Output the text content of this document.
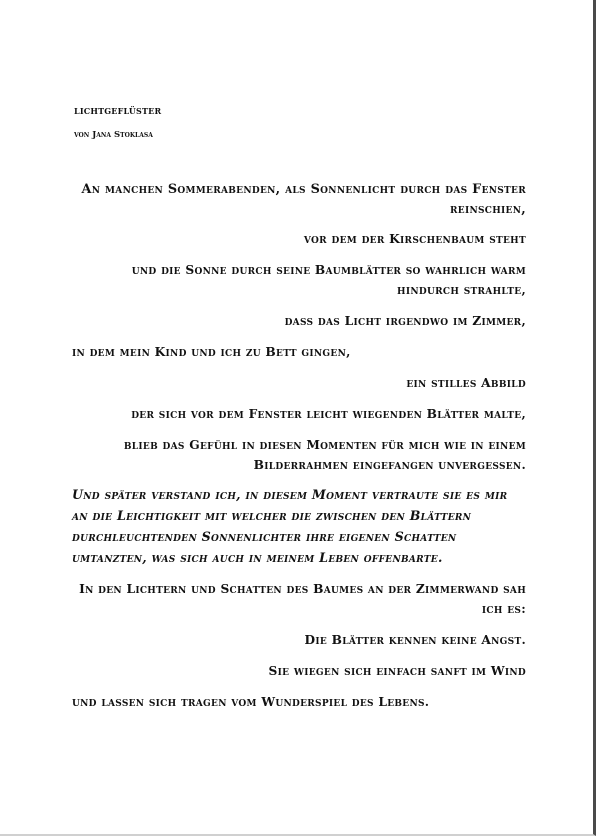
lichtgeflüster
von Jana Stoklasa

An manchen Sommerabenden, als Sonnenlicht durch das Fenster reinschien,

vor dem der Kirschenbaum steht

und die Sonne durch seine Baumblätter so wahrlich warm hindurch strahlte,

dass das Licht irgendwo im Zimmer,

in dem mein Kind und ich zu Bett gingen,

ein stilles Abbild

der sich vor dem Fenster leicht wiegenden Blätter malte,

blieb das Gefühl in diesen Momenten für mich wie in einem Bilderrahmen eingefangen unvergessen.

Und später verstand ich, in diesem Moment vertraute sie es mir an die Leichtigkeit mit welcher die zwischen den Blättern durchleuchtenden Sonnenlichter ihre eigenen Schatten umtanzten, was sich auch in meinem Leben offenbarte.

In den Lichtern und Schatten des Baumes an der Zimmerwand sah ich es:

Die Blätter kennen keine Angst.

Sie wiegen sich einfach sanft im Wind

und lassen sich tragen vom Wunderspiel des Lebens.
